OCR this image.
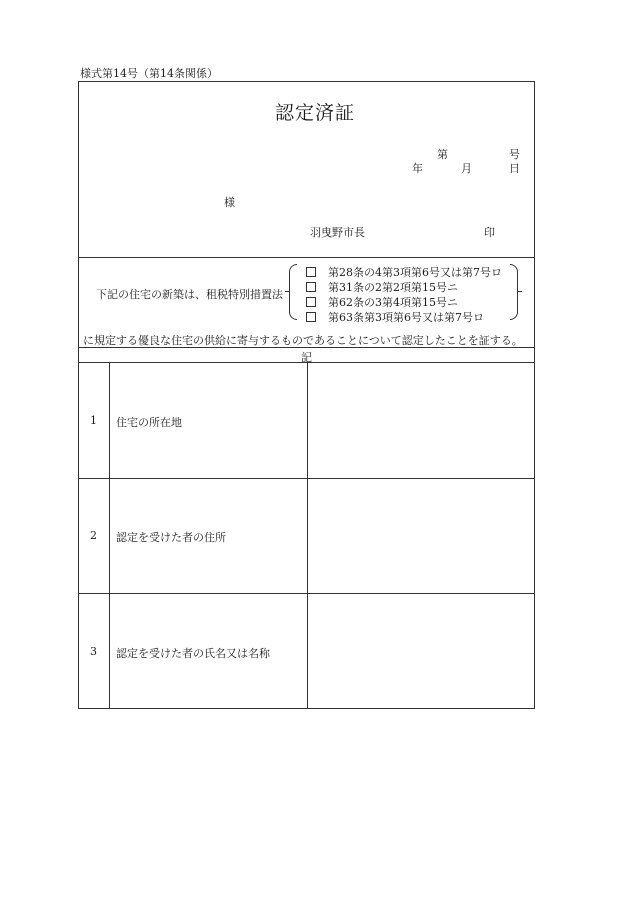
様式第14号（第14条関係）
認定済証
第	号
年	月	日
様
羽曳野市長	印
下記の住宅の新築は、租税特別措置法
第28条の4第3項第6号又は第7号ロ
第31条の2第2項第15号ニ
第62条の3第4項第15号ニ
第63条第3項第6号又は第7号ロ
に規定する優良な住宅の供給に寄与するものであることについて認定したことを証する。
記
1	住宅の所在地
2	認定を受けた者の住所
3	認定を受けた者の氏名又は名称
